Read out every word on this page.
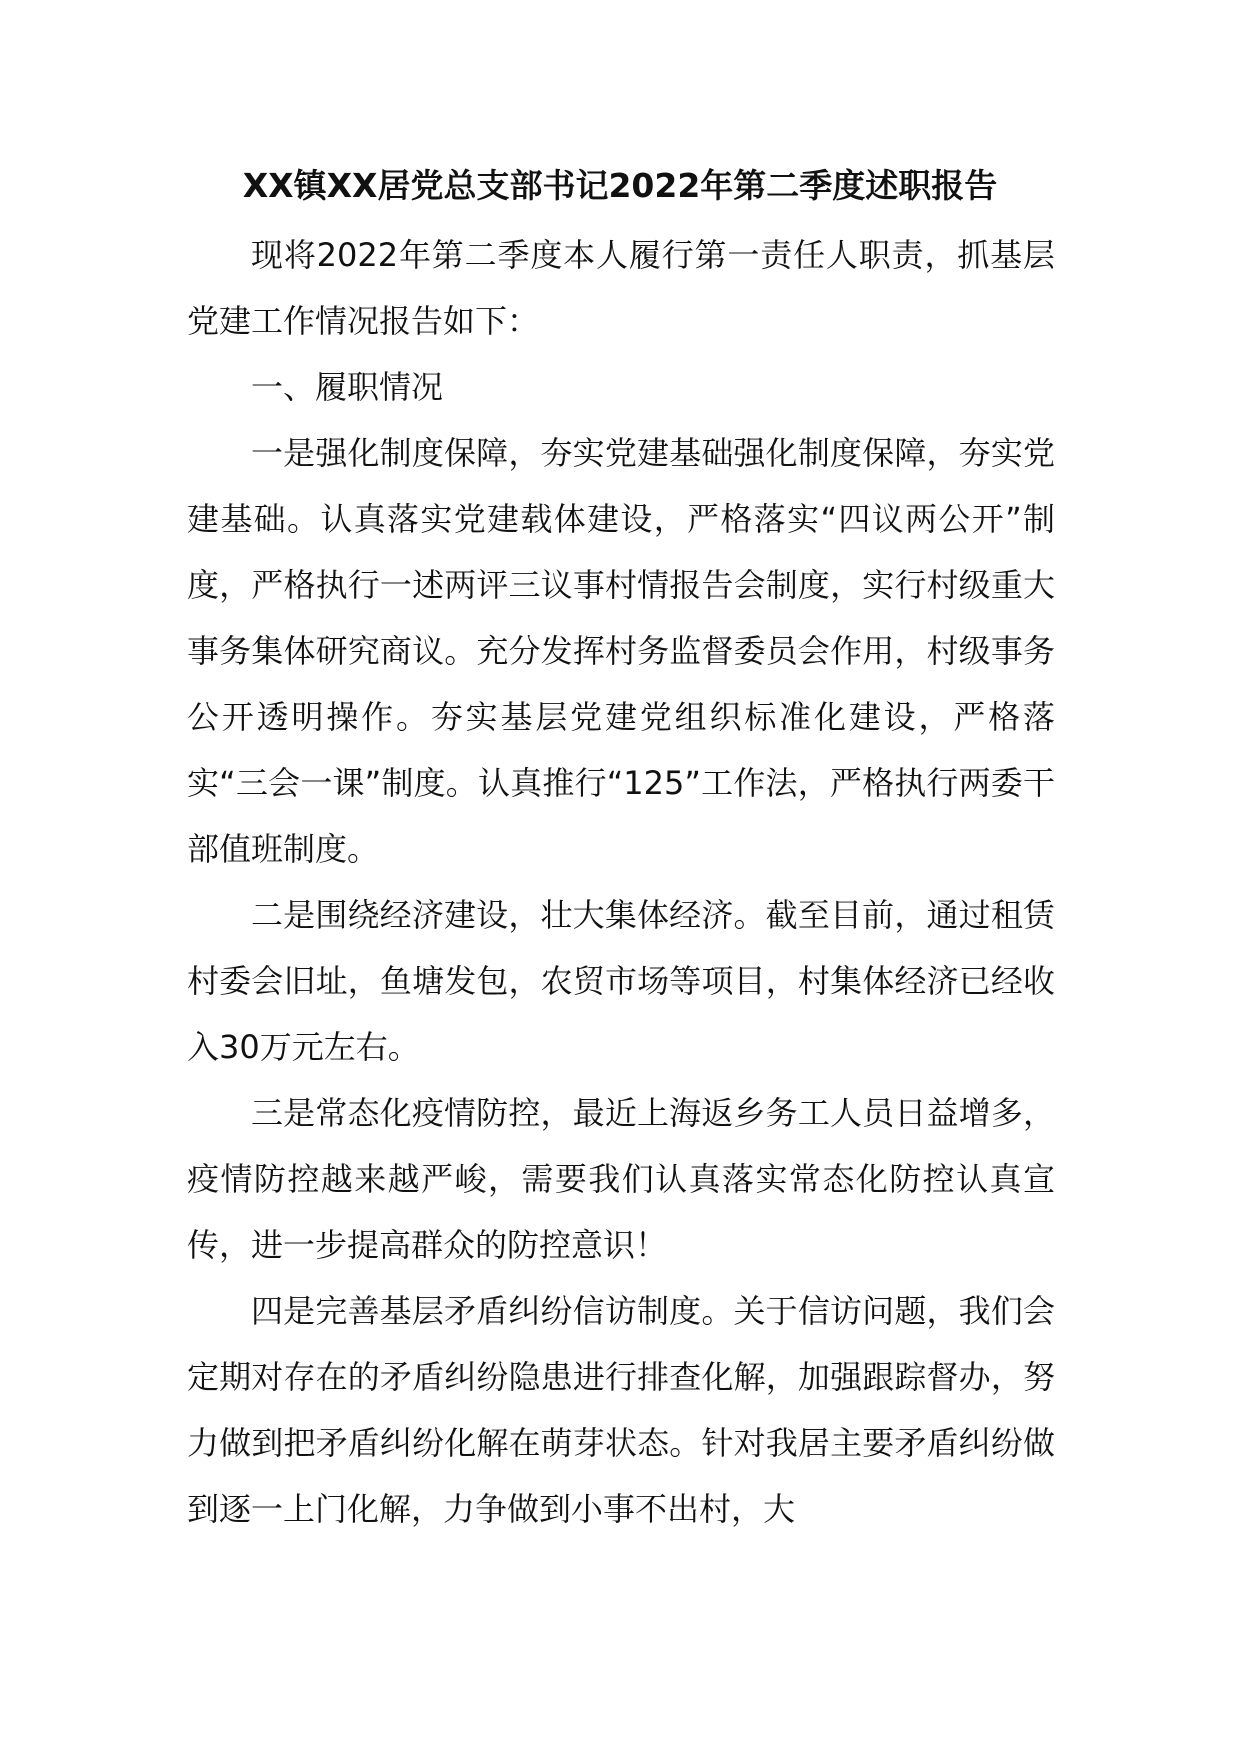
XX镇XX居党总支部书记2022年第二季度述职报告

现将2022年第二季度本人履行第一责任人职责，抓基层党建工作情况报告如下：

一、履职情况

一是强化制度保障，夯实党建基础强化制度保障，夯实党建基础。认真落实党建载体建设，严格落实“四议两公开”制度，严格执行一述两评三议事村情报告会制度，实行村级重大事务集体研究商议。充分发挥村务监督委员会作用，村级事务公开透明操作。夯实基层党建党组织标准化建设，严格落实“三会一课”制度。认真推行“125”工作法，严格执行两委干部值班制度。

二是围绕经济建设，壮大集体经济。截至目前，通过租赁村委会旧址，鱼塘发包，农贸市场等项目，村集体经济已经收入30万元左右。

三是常态化疫情防控，最近上海返乡务工人员日益增多，疫情防控越来越严峻，需要我们认真落实常态化防控认真宣传，进一步提高群众的防控意识！

四是完善基层矛盾纠纷信访制度。关于信访问题，我们会定期对存在的矛盾纠纷隐患进行排查化解，加强跟踪督办，努力做到把矛盾纠纷化解在萌芽状态。针对我居主要矛盾纠纷做到逐一上门化解，力争做到小事不出村，大
